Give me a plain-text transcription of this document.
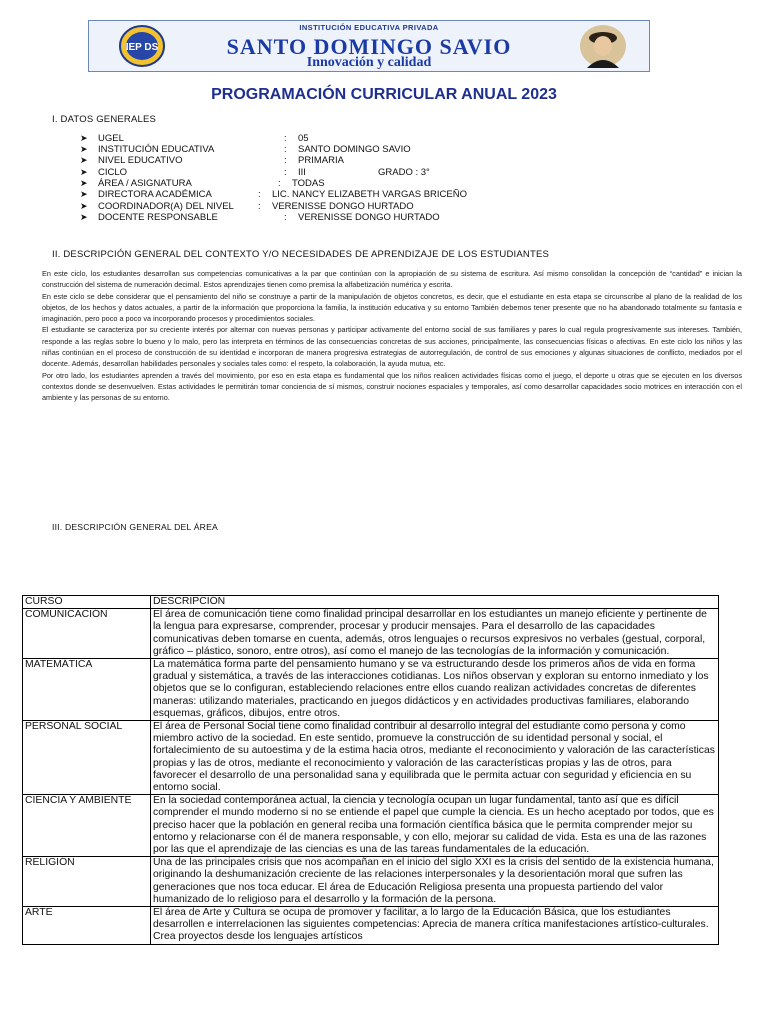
IEP DS
INSTITUCIÓN EDUCATIVA PRIVADA
SANTO DOMINGO SAVIO
Innovación y calidad
PROGRAMACIÓN CURRICULAR ANUAL 2023
I. DATOS GENERALES
➤ UGEL	: 05
➤ INSTITUCIÓN EDUCATIVA	: SANTO DOMINGO SAVIO
➤ NIVEL EDUCATIVO	: PRIMARIA
➤ CICLO	: III	GRADO : 3°
➤ ÁREA / ASIGNATURA	: TODAS
➤ DIRECTORA ACADÉMICA	: LIC. NANCY ELIZABETH VARGAS BRICEÑO
➤ COORDINADOR(A) DEL NIVEL	: VERENISSE DONGO HURTADO
➤ DOCENTE RESPONSABLE	: VERENISSE DONGO HURTADO
II. DESCRIPCIÓN GENERAL DEL CONTEXTO Y/O NECESIDADES DE APRENDIZAJE DE LOS ESTUDIANTES

En este ciclo, los estudiantes desarrollan sus competencias comunicativas a la par que continúan con la apropiación de su sistema de escritura. Así mismo consolidan la concepción de “cantidad” e inician la construcción del sistema de numeración decimal. Estos aprendizajes tienen como premisa la alfabetización numérica y escrita.

En este ciclo se debe considerar que el pensamiento del niño se construye a partir de la manipulación de objetos concretos, es decir, que el estudiante en esta etapa se circunscribe al plano de la realidad de los objetos, de los hechos y datos actuales, a partir de la información que proporciona la familia, la institución educativa y su entorno También debemos tener presente que no ha abandonado totalmente su fantasía e imaginación, pero poco a poco va incorporando procesos y procedimientos sociales.

El estudiante se caracteriza por su creciente interés por alternar con nuevas personas y participar activamente del entorno social de sus familiares y pares lo cual regula progresivamente sus intereses. También, responde a las reglas sobre lo bueno y lo malo, pero las interpreta en términos de las consecuencias concretas de sus acciones, principalmente, las consecuencias físicas o afectivas. En este ciclo los niños y las niñas continúan en el proceso de construcción de su identidad e incorporan de manera progresiva estrategias de autorregulación, de control de sus emociones y algunas situaciones de conflicto, mediados por el docente. Además, desarrollan habilidades personales y sociales tales como: el respeto, la colaboración, la ayuda mutua, etc.

Por otro lado, los estudiantes aprenden a través del movimiento, por eso en esta etapa es fundamental que los niños realicen actividades físicas como el juego, el deporte u otras que se ejecuten en los diversos contextos donde se desenvuelven. Estas actividades le permitirán tomar conciencia de sí mismos, construir nociones espaciales y temporales, así como desarrollar capacidades socio motrices en interacción con el ambiente y las personas de su entorno.

III. DESCRIPCIÓN GENERAL DEL ÁREA
CURSO	DESCRIPCIÓN
COMUNICACIÓN	El área de comunicación tiene como finalidad principal desarrollar en los estudiantes un manejo eficiente y pertinente de la lengua para expresarse, comprender, procesar y producir mensajes. Para el desarrollo de las capacidades comunicativas deben tomarse en cuenta, además, otros lenguajes o recursos expresivos no verbales (gestual, corporal, gráfico – plástico, sonoro, entre otros), así como el manejo de las tecnologías de la información y comunicación.
MATEMÁTICA	La matemática forma parte del pensamiento humano y se va estructurando desde los primeros años de vida en forma gradual y sistemática, a través de las interacciones cotidianas. Los niños observan y exploran su entorno inmediato y los objetos que se lo configuran, estableciendo relaciones entre ellos cuando realizan actividades concretas de diferentes maneras: utilizando materiales, practicando en juegos didácticos y en actividades productivas familiares, elaborando esquemas, gráficos, dibujos, entre otros.
PERSONAL SOCIAL	El área de Personal Social tiene como finalidad contribuir al desarrollo integral del estudiante como persona y como miembro activo de la sociedad. En este sentido, promueve la construcción de su identidad personal y social, el fortalecimiento de su autoestima y de la estima hacia otros, mediante el reconocimiento y valoración de las características propias y las de otros, mediante el reconocimiento y valoración de las características propias y las de otros, para favorecer el desarrollo de una personalidad sana y equilibrada que le permita actuar con seguridad y eficiencia en su entorno social.
CIENCIA Y AMBIENTE	En la sociedad contemporánea actual, la ciencia y tecnología ocupan un lugar fundamental, tanto así que es difícil comprender el mundo moderno si no se entiende el papel que cumple la ciencia. Es un hecho aceptado por todos, que es preciso hacer que la población en general reciba una formación científica básica que le permita comprender mejor su entorno y relacionarse con él de manera responsable, y con ello, mejorar su calidad de vida. Esta es una de las razones por las que el aprendizaje de las ciencias es una de las tareas fundamentales de la educación.
RELIGIÓN	Una de las principales crisis que nos acompañan en el inicio del siglo XXI es la crisis del sentido de la existencia humana, originando la deshumanización creciente de las relaciones interpersonales y la desorientación moral que sufren las generaciones que nos toca educar. El área de Educación Religiosa presenta una propuesta partiendo del valor humanizado de lo religioso para el desarrollo y la formación de la persona.
ARTE	El área de Arte y Cultura se ocupa de promover y facilitar, a lo largo de la Educación Básica, que los estudiantes desarrollen e interrelacionen las siguientes competencias: Aprecia de manera crítica manifestaciones artístico-culturales. Crea proyectos desde los lenguajes artísticos
